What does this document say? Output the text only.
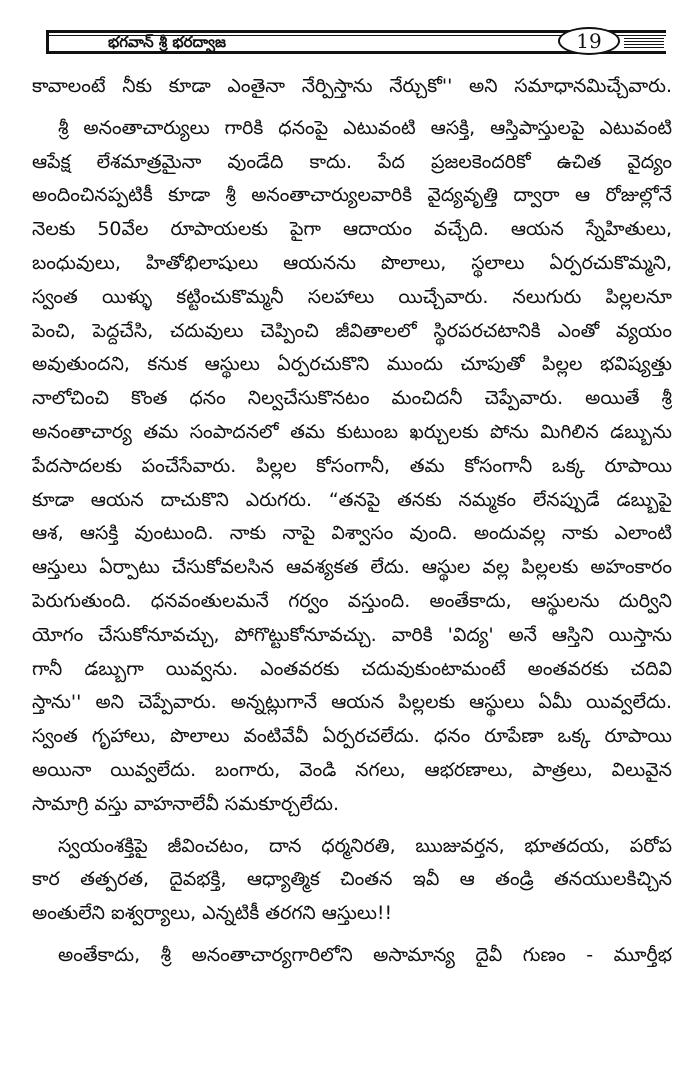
భగవాన్ శ్రీ భరద్వాజ	19
కావాలంటే నీకు కూడా ఎంతైనా నేర్పిస్తాను నేర్చుకో'' అని సమాధానమిచ్చేవారు.
శ్రీ అనంతాచార్యులు గారికి ధనంపై ఎటువంటి ఆసక్తి, ఆస్తిపాస్తులపై ఎటువంటి
ఆపేక్ష లేశమాత్రమైనా వుండేది కాదు. పేద ప్రజలకెందరికో ఉచిత వైద్యం
అందించినప్పటికీ కూడా శ్రీ అనంతాచార్యులవారికి వైద్యవృత్తి ద్వారా ఆ రోజుల్లోనే
నెలకు 50వేల రూపాయలకు పైగా ఆదాయం వచ్చేది. ఆయన స్నేహితులు,
బంధువులు, హితోభిలాషులు ఆయనను పొలాలు, స్థలాలు ఏర్పరచుకొమ్మని,
స్వంత యిళ్ళు కట్టించుకొమ్మనీ సలహాలు యిచ్చేవారు. నలుగురు పిల్లలనూ
పెంచి, పెద్దచేసి, చదువులు చెప్పించి జీవితాలలో స్థిరపరచటానికి ఎంతో వ్యయం
అవుతుందని, కనుక ఆస్థులు ఏర్పరచుకొని ముందు చూపుతో పిల్లల భవిష్యత్తు
నాలోచించి కొంత ధనం నిల్వచేసుకొనటం మంచిదనీ చెప్పేవారు. అయితే శ్రీ
అనంతాచార్య తమ సంపాదనలో తమ కుటుంబ ఖర్చులకు పోను మిగిలిన డబ్బును
పేదసాదలకు పంచేసేవారు. పిల్లల కోసంగానీ, తమ కోసంగానీ ఒక్క రూపాయి
కూడా ఆయన దాచుకొని ఎరుగరు. “తనపై తనకు నమ్మకం లేనప్పుడే డబ్బుపై
ఆశ, ఆసక్తి వుంటుంది. నాకు నాపై విశ్వాసం వుంది. అందువల్ల నాకు ఎలాంటి
ఆస్తులు ఏర్పాటు చేసుకోవలసిన ఆవశ్యకత లేదు. ఆస్థుల వల్ల పిల్లలకు అహంకారం
పెరుగుతుంది. ధనవంతులమనే గర్వం వస్తుంది. అంతేకాదు, ఆస్థులను దుర్విని
యోగం చేసుకోనూవచ్చు, పోగొట్టుకోనూవచ్చు. వారికి 'విద్య' అనే ఆస్తిని యిస్తాను
గానీ డబ్బుగా యివ్వను. ఎంతవరకు చదువుకుంటామంటే అంతవరకు చదివి
స్తాను'' అని చెప్పేవారు. అన్నట్లుగానే ఆయన పిల్లలకు ఆస్థులు ఏమీ యివ్వలేదు.
స్వంత గృహాలు, పొలాలు వంటివేవీ ఏర్పరచలేదు. ధనం రూపేణా ఒక్క రూపాయి
అయినా యివ్వలేదు. బంగారు, వెండి నగలు, ఆభరణాలు, పాత్రలు, విలువైన
సామాగ్రి వస్తు వాహనాలేవీ సమకూర్చలేదు.
స్వయంశక్తిపై జీవించటం, దాన ధర్మనిరతి, ఋజువర్తన, భూతదయ, పరోప
కార తత్పరత, దైవభక్తి, ఆధ్యాత్మిక చింతన ఇవీ ఆ తండ్రి తనయులకిచ్చిన
అంతులేని ఐశ్వర్యాలు, ఎన్నటికీ తరగని ఆస్తులు!!
అంతేకాదు, శ్రీ అనంతాచార్యగారిలోని అసామాన్య దైవీ గుణం - మూర్తీభ
